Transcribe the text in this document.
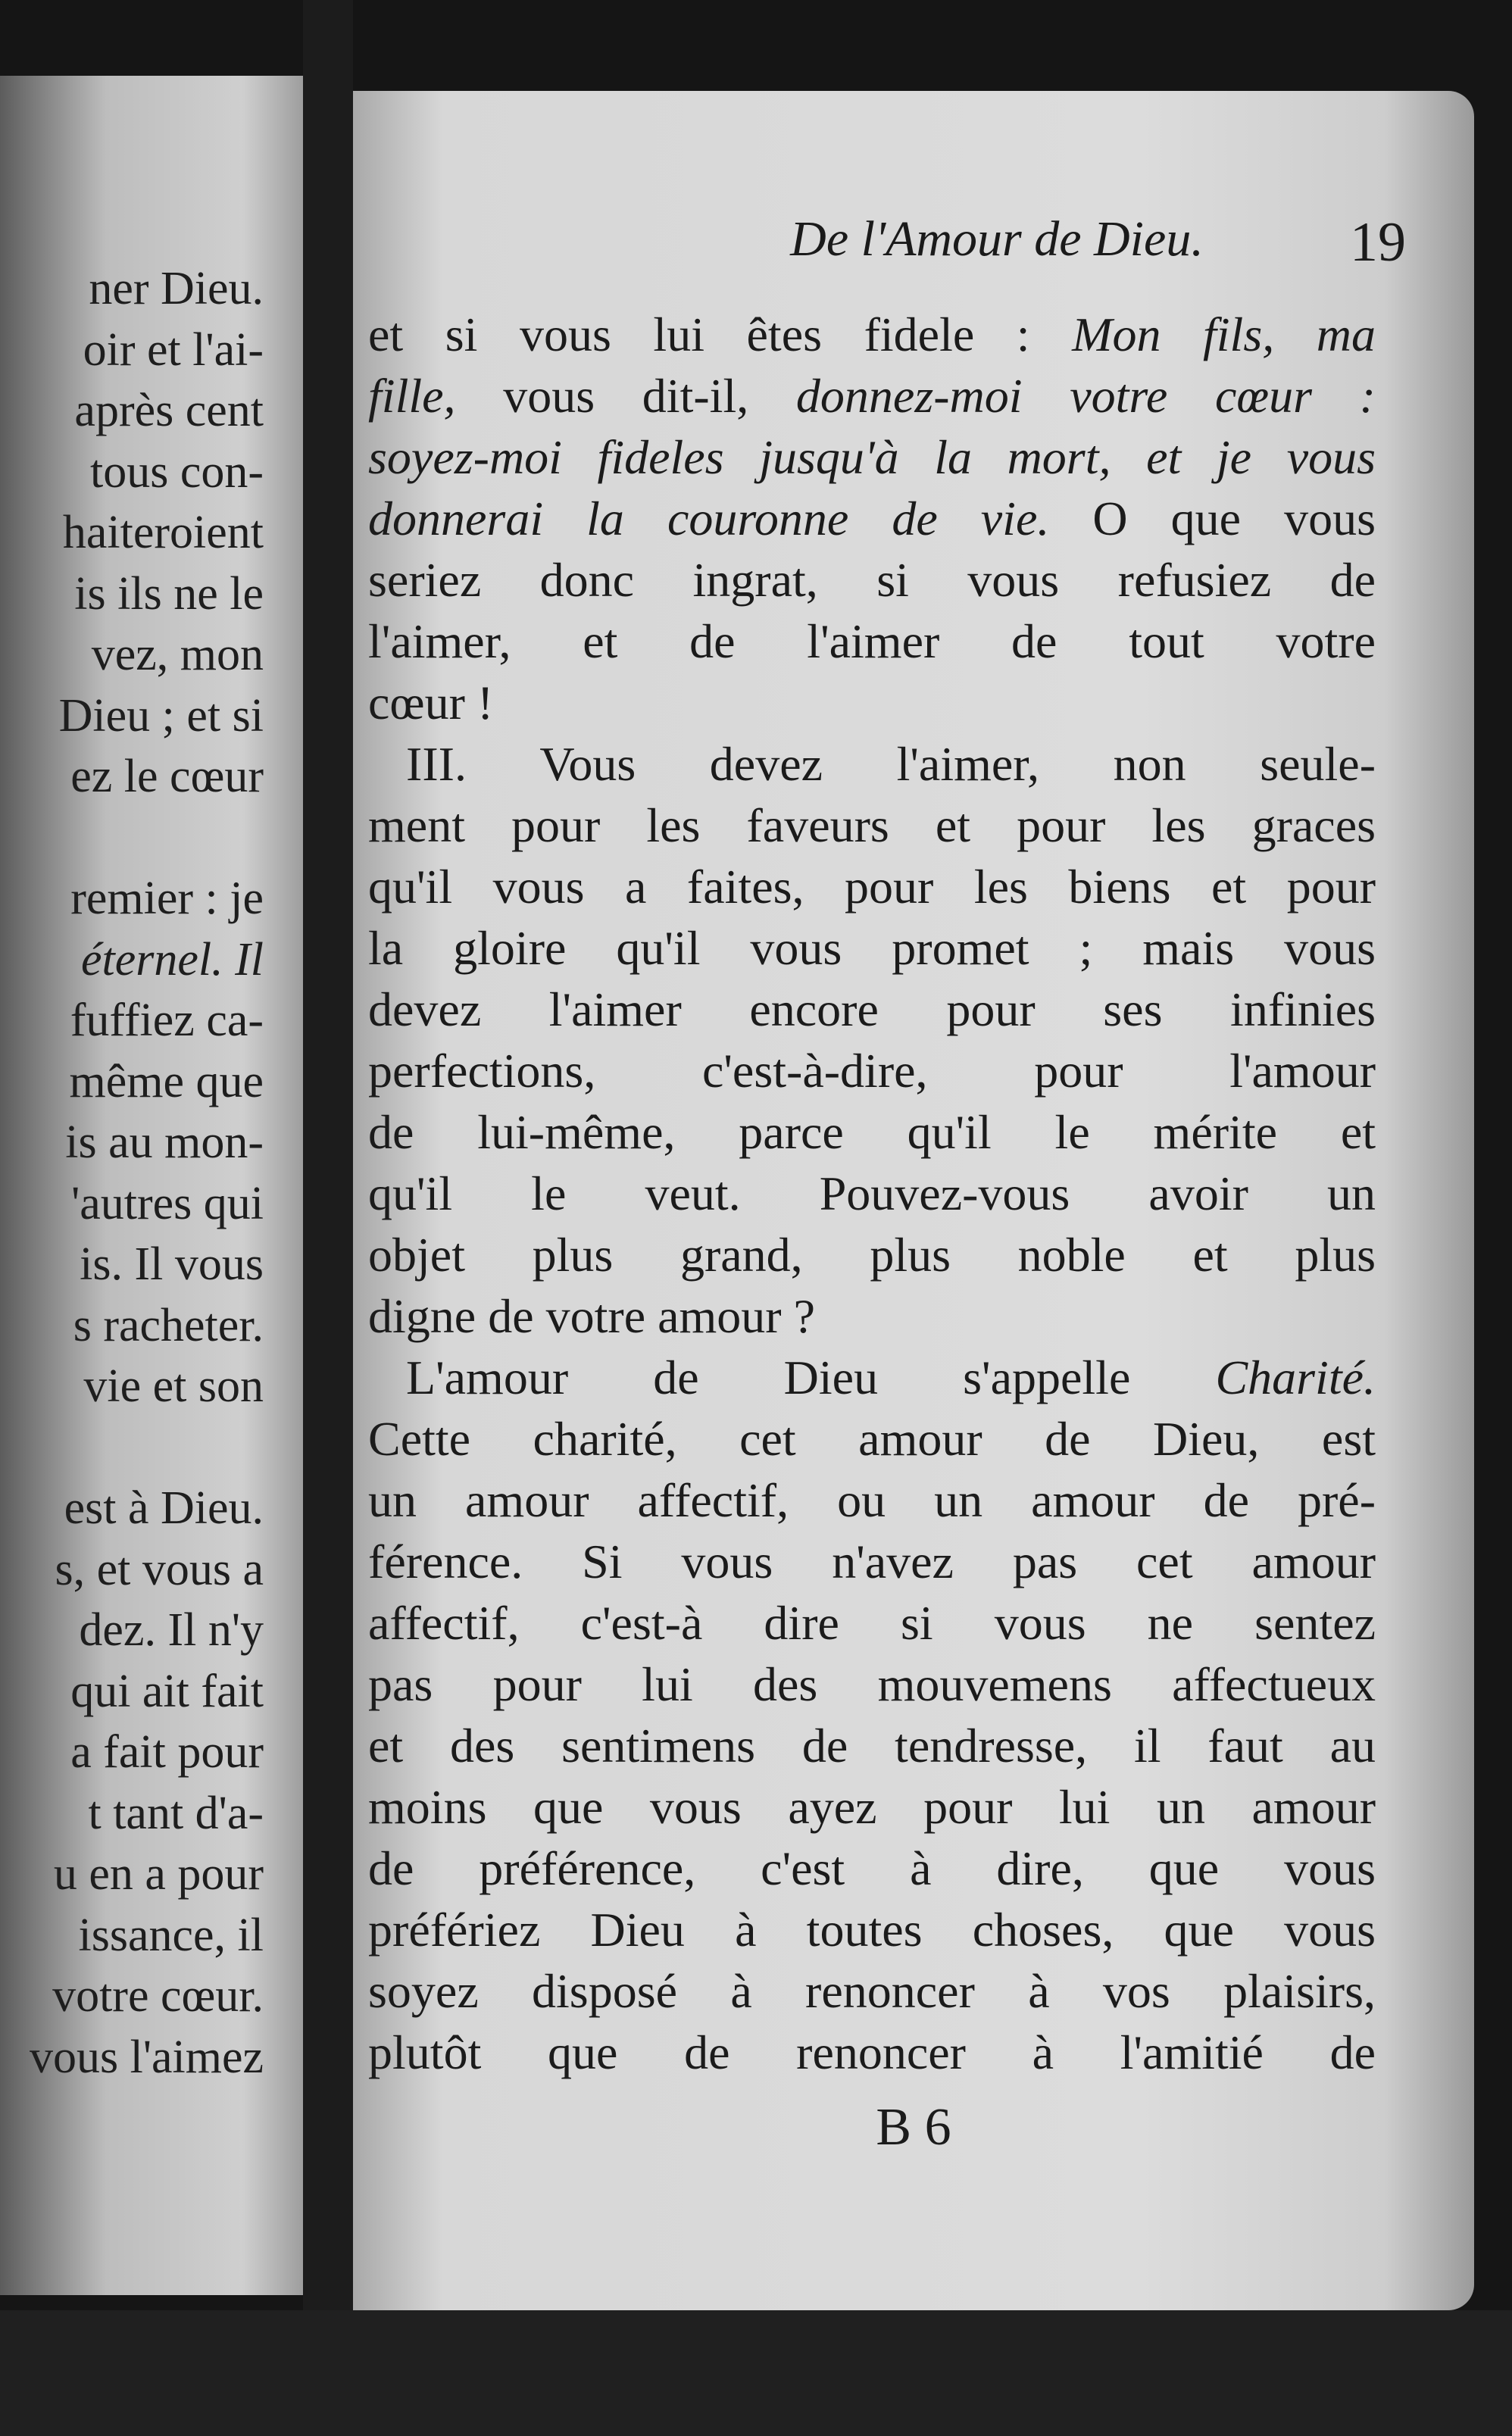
ner Dieu.
oir et l'ai-
après cent
tous con-
haiteroient
is ils ne le
vez, mon
Dieu ; et si
ez le cœur
remier : je
éternel. Il
fuffiez ca-
même que
is au mon-
'autres qui
is. Il vous
s racheter.
vie et son
est à Dieu.
s, et vous a
dez. Il n'y
qui ait fait
a fait pour
t tant d'a-
u en a pour
issance, il
votre cœur.
vous l'aimez
De l'Amour de Dieu.	19
et si vous lui êtes fidele : Mon fils, ma
fille, vous dit-il, donnez-moi votre cœur :
soyez-moi fideles jusqu'à la mort, et je vous
donnerai la couronne de vie. O que vous
seriez donc ingrat, si vous refusiez de
l'aimer, et de l'aimer de tout votre
cœur !
III. Vous devez l'aimer, non seule-
ment pour les faveurs et pour les graces
qu'il vous a faites, pour les biens et pour
la gloire qu'il vous promet ; mais vous
devez l'aimer encore pour ses infinies
perfections, c'est-à-dire, pour l'amour
de lui-même, parce qu'il le mérite et
qu'il le veut. Pouvez-vous avoir un
objet plus grand, plus noble et plus
digne de votre amour ?
L'amour de Dieu s'appelle Charité.
Cette charité, cet amour de Dieu, est
un amour affectif, ou un amour de pré-
férence. Si vous n'avez pas cet amour
affectif, c'est-à dire si vous ne sentez
pas pour lui des mouvemens affectueux
et des sentimens de tendresse, il faut au
moins que vous ayez pour lui un amour
de préférence, c'est à dire, que vous
préfériez Dieu à toutes choses, que vous
soyez disposé à renoncer à vos plaisirs,
plutôt que de renoncer à l'amitié de
B 6
